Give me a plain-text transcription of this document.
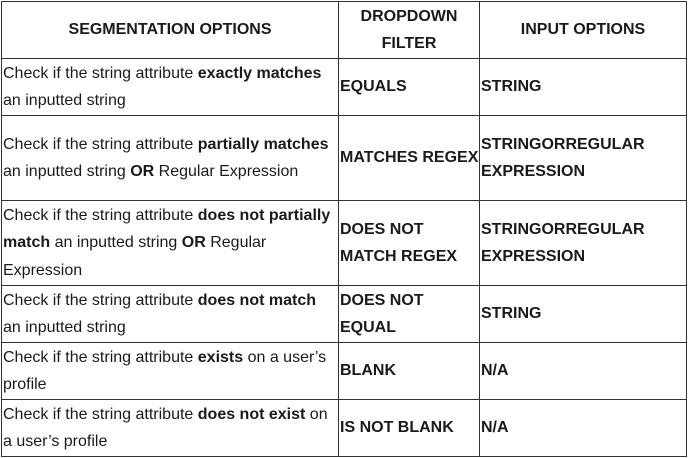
SEGMENTATION OPTIONS	DROPDOWN FILTER	INPUT OPTIONS
Check if the string attribute exactly matches an inputted string	EQUALS	STRING
Check if the string attribute partially matches an inputted string OR Regular Expression	MATCHES REGEX	STRINGORREGULAR EXPRESSION
Check if the string attribute does not partially match an inputted string OR Regular Expression	DOES NOT MATCH REGEX	STRINGORREGULAR EXPRESSION
Check if the string attribute does not match an inputted string	DOES NOT EQUAL	STRING
Check if the string attribute exists on a user’s profile	BLANK	N/A
Check if the string attribute does not exist on a user’s profile	IS NOT BLANK	N/A
